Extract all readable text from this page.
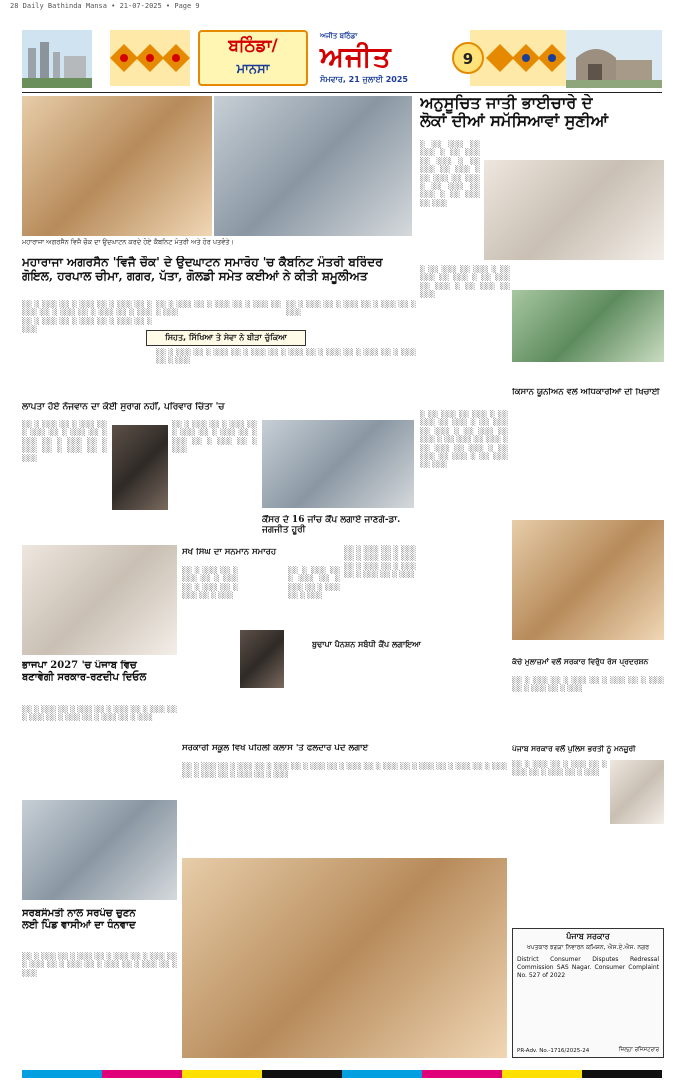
28 Daily Bathinda Mansa • 21-07-2025 • Page 9
ਬਠਿੰਡਾ/
ਮਾਨਸਾ
ਅਜੀਤ ਬਠਿੰਡਾ
ਅਜੀਤ
ਸੋਮਵਾਰ, 21 ਜੁਲਾਈ 2025
9
ਮਹਾਰਾਜਾ ਅਗਰਸੈਨ ਵਿਜੈ ਚੌਕ ਦਾ ਉਦਘਾਟਨ ਕਰਦੇ ਹੋਏ ਕੈਬਨਿਟ ਮੰਤਰੀ ਅਤੇ ਹੋਰ ਪਤਵੰਤੇ।
ਅਨੁਸੂਚਿਤ ਜਾਤੀ ਭਾਈਚਾਰੇ ਦੇ
ਲੋਕਾਂ ਦੀਆਂ ਸਮੱਸਿਆਵਾਂ ਸੁਣੀਆਂ
░ ░░ ░░░ ░░ ░░░ ░ ░░ ░░░ ░░ ░░░ ░ ░░ ░░░ ░░ ░░░ ░ ░░ ░░░ ░░ ░░░ ░ ░░ ░░░ ░░ ░░░ ░ ░░ ░░░ ░░ ░░░
ਮਹਾਰਾਜਾ ਅਗਰਸੈਨ 'ਵਿਜੈ ਚੌਕ' ਦੇ ਉਦਘਾਟਨ ਸਮਾਰੋਹ 'ਚ ਕੈਬਨਿਟ ਮੰਤਰੀ ਬਰਿੰਦਰ
ਗੋਇਲ, ਹਰਪਾਲ ਚੀਮਾ, ਗਗਰ, ਪੱਤਾ, ਗੋਲਡੀ ਸਮੇਤ ਕਈਆਂ ਨੇ ਕੀਤੀ ਸ਼ਮੂਲੀਅਤ
░░ ░ ░░░ ░░ ░ ░░░ ░░ ░ ░░░ ░░ ░ ░░░ ░░ ░ ░░░ ░░ ░ ░░░ ░░ ░ ░░░ ░░ ░ ░░░ ░░ ░ ░░░ ░░ ░ ░░░ ░░ ░ ░░░
░░ ░ ░░░ ░░ ░ ░░░ ░░ ░ ░░░ ░░ ░ ░░░
░░ ░ ░░░ ░░ ░ ░░░ ░░ ░ ░░░ ░░ ░ ░░░
ਸਿਹਤ, ਸਿੱਖਿਆ ਤੇ ਸੇਵਾ ਨੇ ਬੀੜਾ ਚੁੱਕਿਆ
░░ ░ ░░░ ░░ ░ ░░░ ░░ ░ ░░░ ░░ ░ ░░░ ░░ ░ ░░░ ░░ ░ ░░░ ░░ ░ ░░░ ░░ ░ ░░░
░ ░░ ░░░ ░░ ░░░ ░ ░░ ░░░ ░░ ░░░ ░ ░░ ░░░ ░░ ░░░ ░ ░░ ░░░ ░░ ░░░
ਕਿਸਾਨ ਯੂਨੀਅਨ ਵਲੋਂ ਅਧਿਕਾਰੀਆਂ ਦੀ ਖਿਚਾਈ
ਲਾਪਤਾ ਹੋਏ ਨੌਜਵਾਨ ਦਾ ਕੋਈ ਸੁਰਾਗ ਨਹੀਂ, ਪਰਿਵਾਰ ਚਿੰਤਾ 'ਚ
░░ ░ ░░░ ░░ ░ ░░░ ░░ ░ ░░░ ░░ ░ ░░░ ░░ ░ ░░░ ░░ ░ ░░░ ░░ ░ ░░░ ░░ ░ ░░░ ░░ ░ ░░░
░░ ░ ░░░ ░░ ░ ░░░ ░░ ░ ░░░ ░░ ░ ░░░ ░░ ░ ░░░ ░░ ░ ░░░ ░░ ░ ░░░
ਕੈਂਸਰ ਦੇ 16 ਜਾਂਚ ਕੈਂਪ ਲਗਾਏ ਜਾਣਗੇ-ਡਾ. ਜਗਜੀਤ ਹੂਰੀ
░ ░░ ░░░ ░░ ░░░ ░ ░░ ░░░ ░░ ░░░ ░ ░░ ░░░ ░░ ░░░ ░ ░░ ░░░ ░░ ░░░ ░ ░░ ░░░ ░░ ░░░ ░ ░░ ░░░ ░░ ░░░ ░ ░░ ░░░ ░░ ░░░ ░ ░░ ░░░ ░░ ░░░
ਭਾਜਪਾ 2027 'ਚ ਪੰਜਾਬ ਵਿਚ
ਬਣਾਵੇਗੀ ਸਰਕਾਰ-ਰਣਦੀਪ ਦਿਓਲ
░░ ░ ░░░ ░░ ░ ░░░ ░░ ░ ░░░ ░░ ░ ░░░ ░░ ░ ░░░ ░░ ░ ░░░ ░░ ░ ░░░ ░░ ░ ░░░
ਸੇਖੋਂ ਸਿੰਘ ਦਾ ਸਨਮਾਨ ਸਮਾਰੋਹ
░░ ░ ░░░ ░░ ░ ░░░ ░░ ░ ░░░ ░░ ░ ░░░ ░░ ░ ░░░ ░░ ░ ░░░
░░ ░ ░░░ ░░ ░ ░░░ ░░ ░ ░░░ ░░ ░ ░░░ ░░ ░ ░░░
░░ ░ ░░░ ░░ ░ ░░░ ░░ ░ ░░░ ░░ ░ ░░░ ░░ ░ ░░░ ░░ ░ ░░░ ░░ ░ ░░░ ░░ ░ ░░░
ਬੁਢਾਪਾ ਪੈਨਸ਼ਨ ਸਬੰਧੀ ਕੈਂਪ ਲਗਾਇਆ
ਕੱਚੇ ਮੁਲਾਜ਼ਮਾਂ ਵਲੋਂ ਸਰਕਾਰ ਵਿਰੁੱਧ ਰੋਸ ਪ੍ਰਦਰਸ਼ਨ
░░ ░ ░░░ ░░ ░ ░░░ ░░ ░ ░░░ ░░ ░ ░░░ ░░ ░ ░░░ ░░ ░ ░░░
ਪੰਜਾਬ ਸਰਕਾਰ ਵਲੋਂ ਪੁਲਿਸ ਭਰਤੀ ਨੂੰ ਮਨਜ਼ੂਰੀ
░░ ░ ░░░ ░░ ░ ░░░ ░░ ░ ░░░ ░░ ░ ░░░ ░░ ░ ░░░
ਸਰਕਾਰੀ ਸਕੂਲ ਵਿਖੇ ਪਹਿਲੀ ਕਲਾਸ 'ਤੇ ਫਲਦਾਰ ਪੌਦੇ ਲਗਾਏ
░░ ░ ░░░ ░░ ░ ░░░ ░░ ░ ░░░ ░░ ░ ░░░ ░░ ░ ░░░ ░░ ░ ░░░ ░░ ░ ░░░ ░░ ░ ░░░ ░░ ░ ░░░ ░░ ░ ░░░ ░░ ░ ░░░ ░░ ░ ░░░
ਸਰਬਸੰਮਤੀ ਨਾਲ ਸਰਪੰਚ ਚੁਣਨ
ਲਈ ਪਿੰਡ ਵਾਸੀਆਂ ਦਾ ਧੰਨਵਾਦ
░░ ░ ░░░ ░░ ░ ░░░ ░░ ░ ░░░ ░░ ░ ░░░ ░░ ░ ░░░ ░░ ░ ░░░ ░░ ░ ░░░ ░░ ░ ░░░ ░░ ░ ░░░
ਪੰਜਾਬ ਸਰਕਾਰ
ਖਪਤਕਾਰ ਝਗੜਾ ਨਿਵਾਰਨ ਕਮਿਸ਼ਨ, ਐਸ.ਏ.ਐਸ. ਨਗਰ
District Consumer Disputes Redressal Commission SAS Nagar. Consumer Complaint No. 527 of 2022
PR-Adv. No.-1716/2025-24	ਜ਼ਿਲ੍ਹਾ ਰਜਿਸਟਰਾਰ
